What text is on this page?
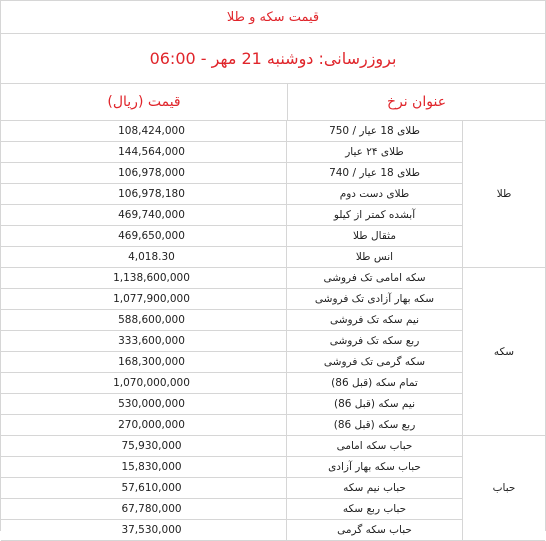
قیمت سکه و طلا
بروزرسانی: دوشنبه 21 مهر - 06:00
عنوان نرخ
قیمت (ریال)
طلا	طلای 18 عیار / 750	108,424,000
	طلای ۲۴ عیار	144,564,000
	طلای 18 عیار / 740	106,978,000
	طلای دست دوم	106,978,180
	آبشده کمتر از کیلو	469,740,000
	مثقال طلا	469,650,000
	انس طلا	4,018.30
سکه	سکه امامی تک فروشی	1,138,600,000
	سکه بهار آزادی تک فروشی	1,077,900,000
	نیم سکه تک فروشی	588,600,000
	ربع سکه تک فروشی	333,600,000
	سکه گرمی تک فروشی	168,300,000
	تمام سکه (قبل 86)	1,070,000,000
	نیم سکه (قبل 86)	530,000,000
	ربع سکه (قبل 86)	270,000,000
حباب	حباب سکه امامی	75,930,000
	حباب سکه بهار آزادی	15,830,000
	حباب نیم سکه	57,610,000
	حباب ربع سکه	67,780,000
	حباب سکه گرمی	37,530,000
